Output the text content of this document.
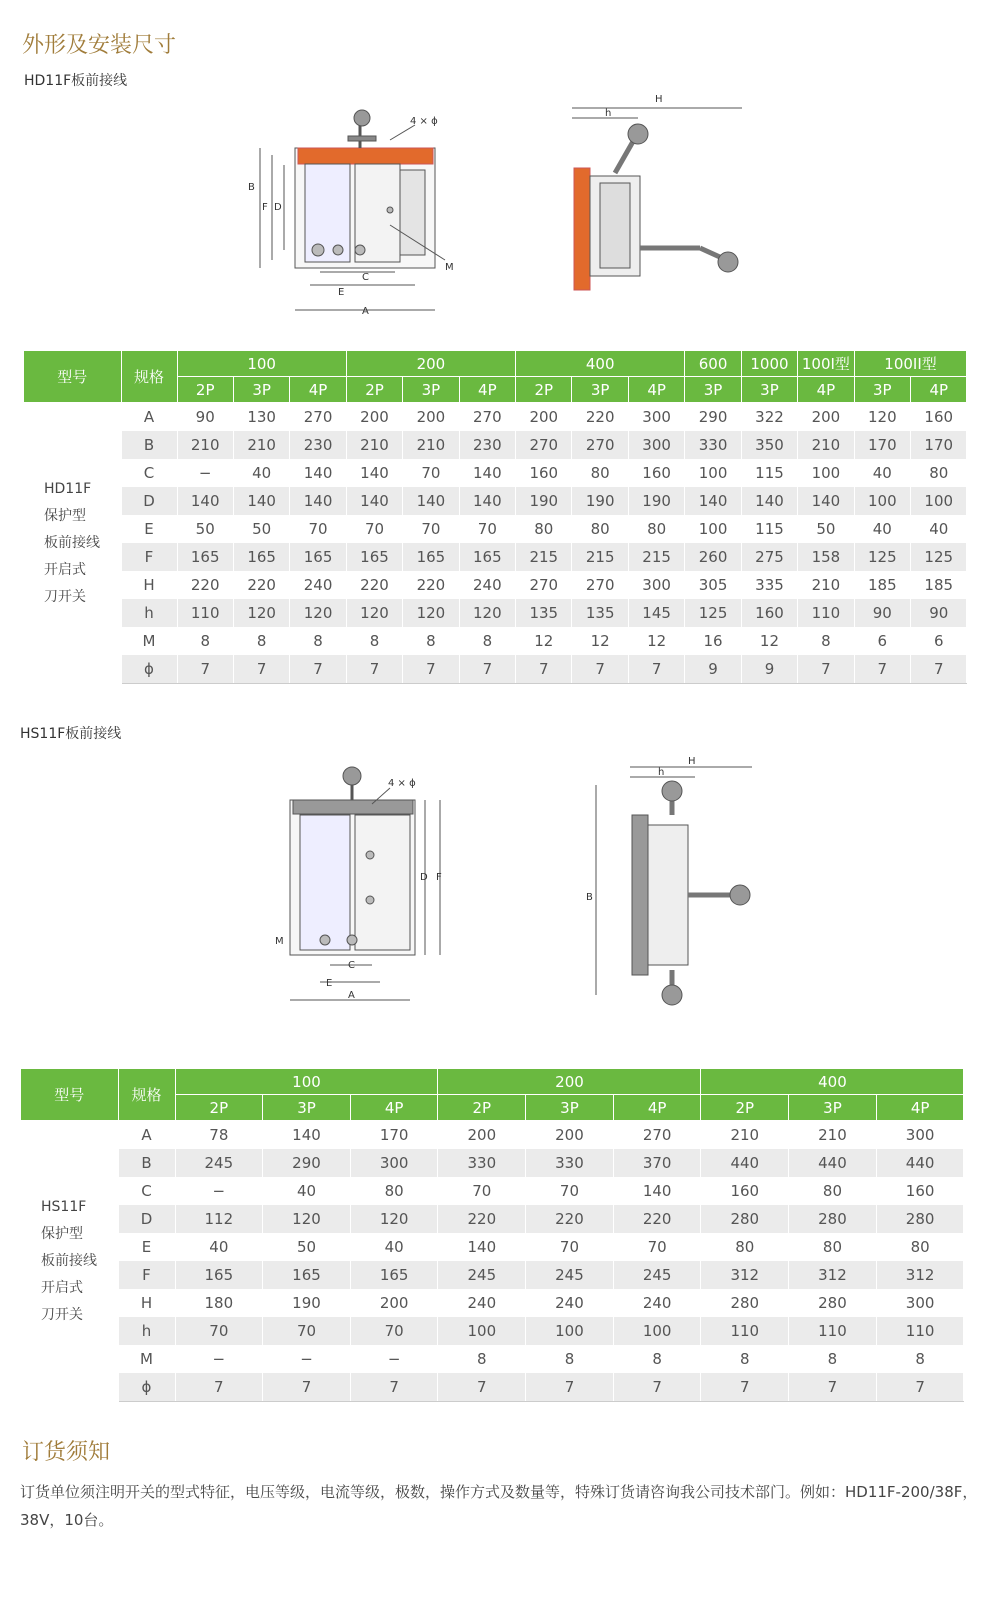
外形及安装尺寸

HD11F板前接线

4 × ϕ
B
F D
C
E
A
M
H
h
型号	规格	100			200			400			600	1000	100I型	100II型	
		2P	3P	4P	2P	3P	4P	2P	3P	4P	3P	3P	4P	3P	4P

HD11F
保护型
板前接线
开启式
刀开关	A	90	130	270	200	200	270	200	220	300	290	322	200	120	160
	B	210	210	230	210	210	230	270	270	300	330	350	210	170	170
	C	−	40	140	140	70	140	160	80	160	100	115	100	40	80
	D	140	140	140	140	140	140	190	190	190	140	140	140	100	100
	E	50	50	70	70	70	70	80	80	80	100	115	50	40	40
	F	165	165	165	165	165	165	215	215	215	260	275	158	125	125
	H	220	220	240	220	220	240	270	270	300	305	335	210	185	185
	h	110	120	120	120	120	120	135	135	145	125	160	110	90	90
	M	8	8	8	8	8	8	12	12	12	16	12	8	6	6
	ϕ	7	7	7	7	7	7	7	7	7	9	9	7	7	7

HS11F板前接线

4 × ϕ
D F
C
E
A
M
H
h
B
型号	规格	100			200			400		
		2P	3P	4P	2P	3P	4P	2P	3P	4P

HS11F
保护型
板前接线
开启式
刀开关	A	78	140	170	200	200	270	210	210	300
	B	245	290	300	330	330	370	440	440	440
	C	−	40	80	70	70	140	160	80	160
	D	112	120	120	220	220	220	280	280	280
	E	40	50	40	140	70	70	80	80	80
	F	165	165	165	245	245	245	312	312	312
	H	180	190	200	240	240	240	280	280	300
	h	70	70	70	100	100	100	110	110	110
	M	−	−	−	8	8	8	8	8	8
	ϕ	7	7	7	7	7	7	7	7	7
订货须知

订货单位须注明开关的型式特征，电压等级，电流等级，极数，操作方式及数量等，特殊订货请咨询我公司技术部门。例如：HD11F-200/38F，38V，10台。
